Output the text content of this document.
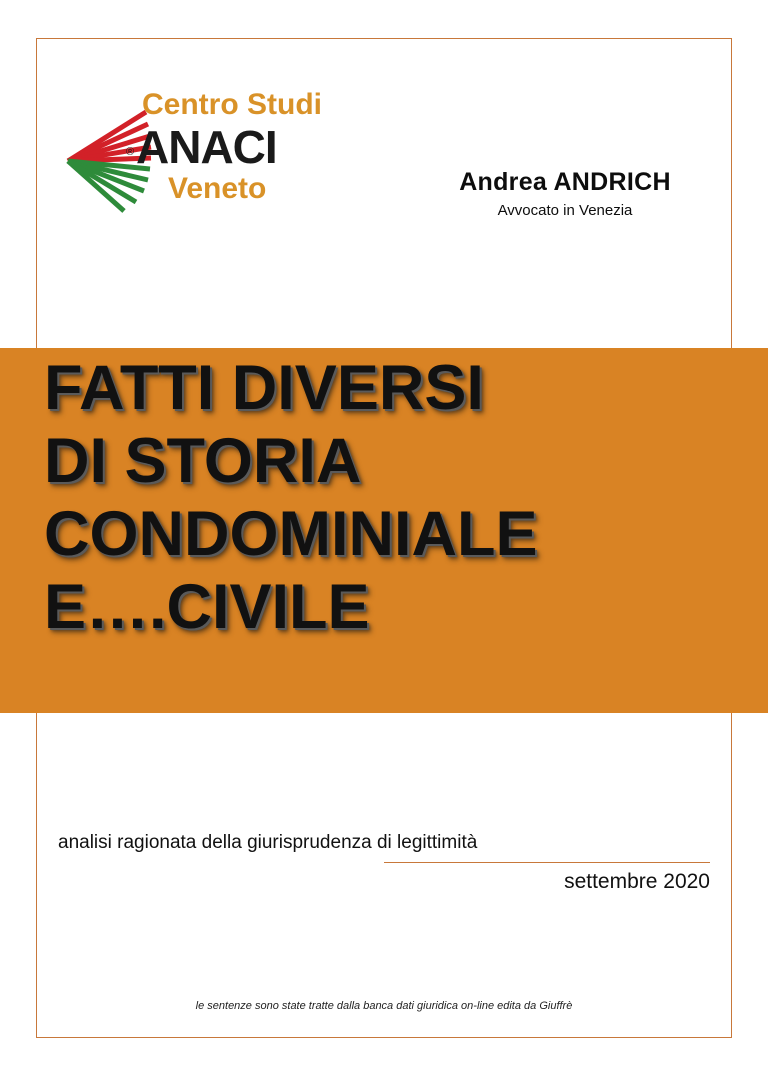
Centro Studi
® ANACI
Veneto	Andrea ANDRICH
Avvocato in Venezia
FATTI DIVERSI
DI STORIA
CONDOMINIALE
E….CIVILE
analisi ragionata della giurisprudenza di legittimità
settembre 2020
le sentenze sono state tratte dalla banca dati giuridica on-line edita da Giuffrè
